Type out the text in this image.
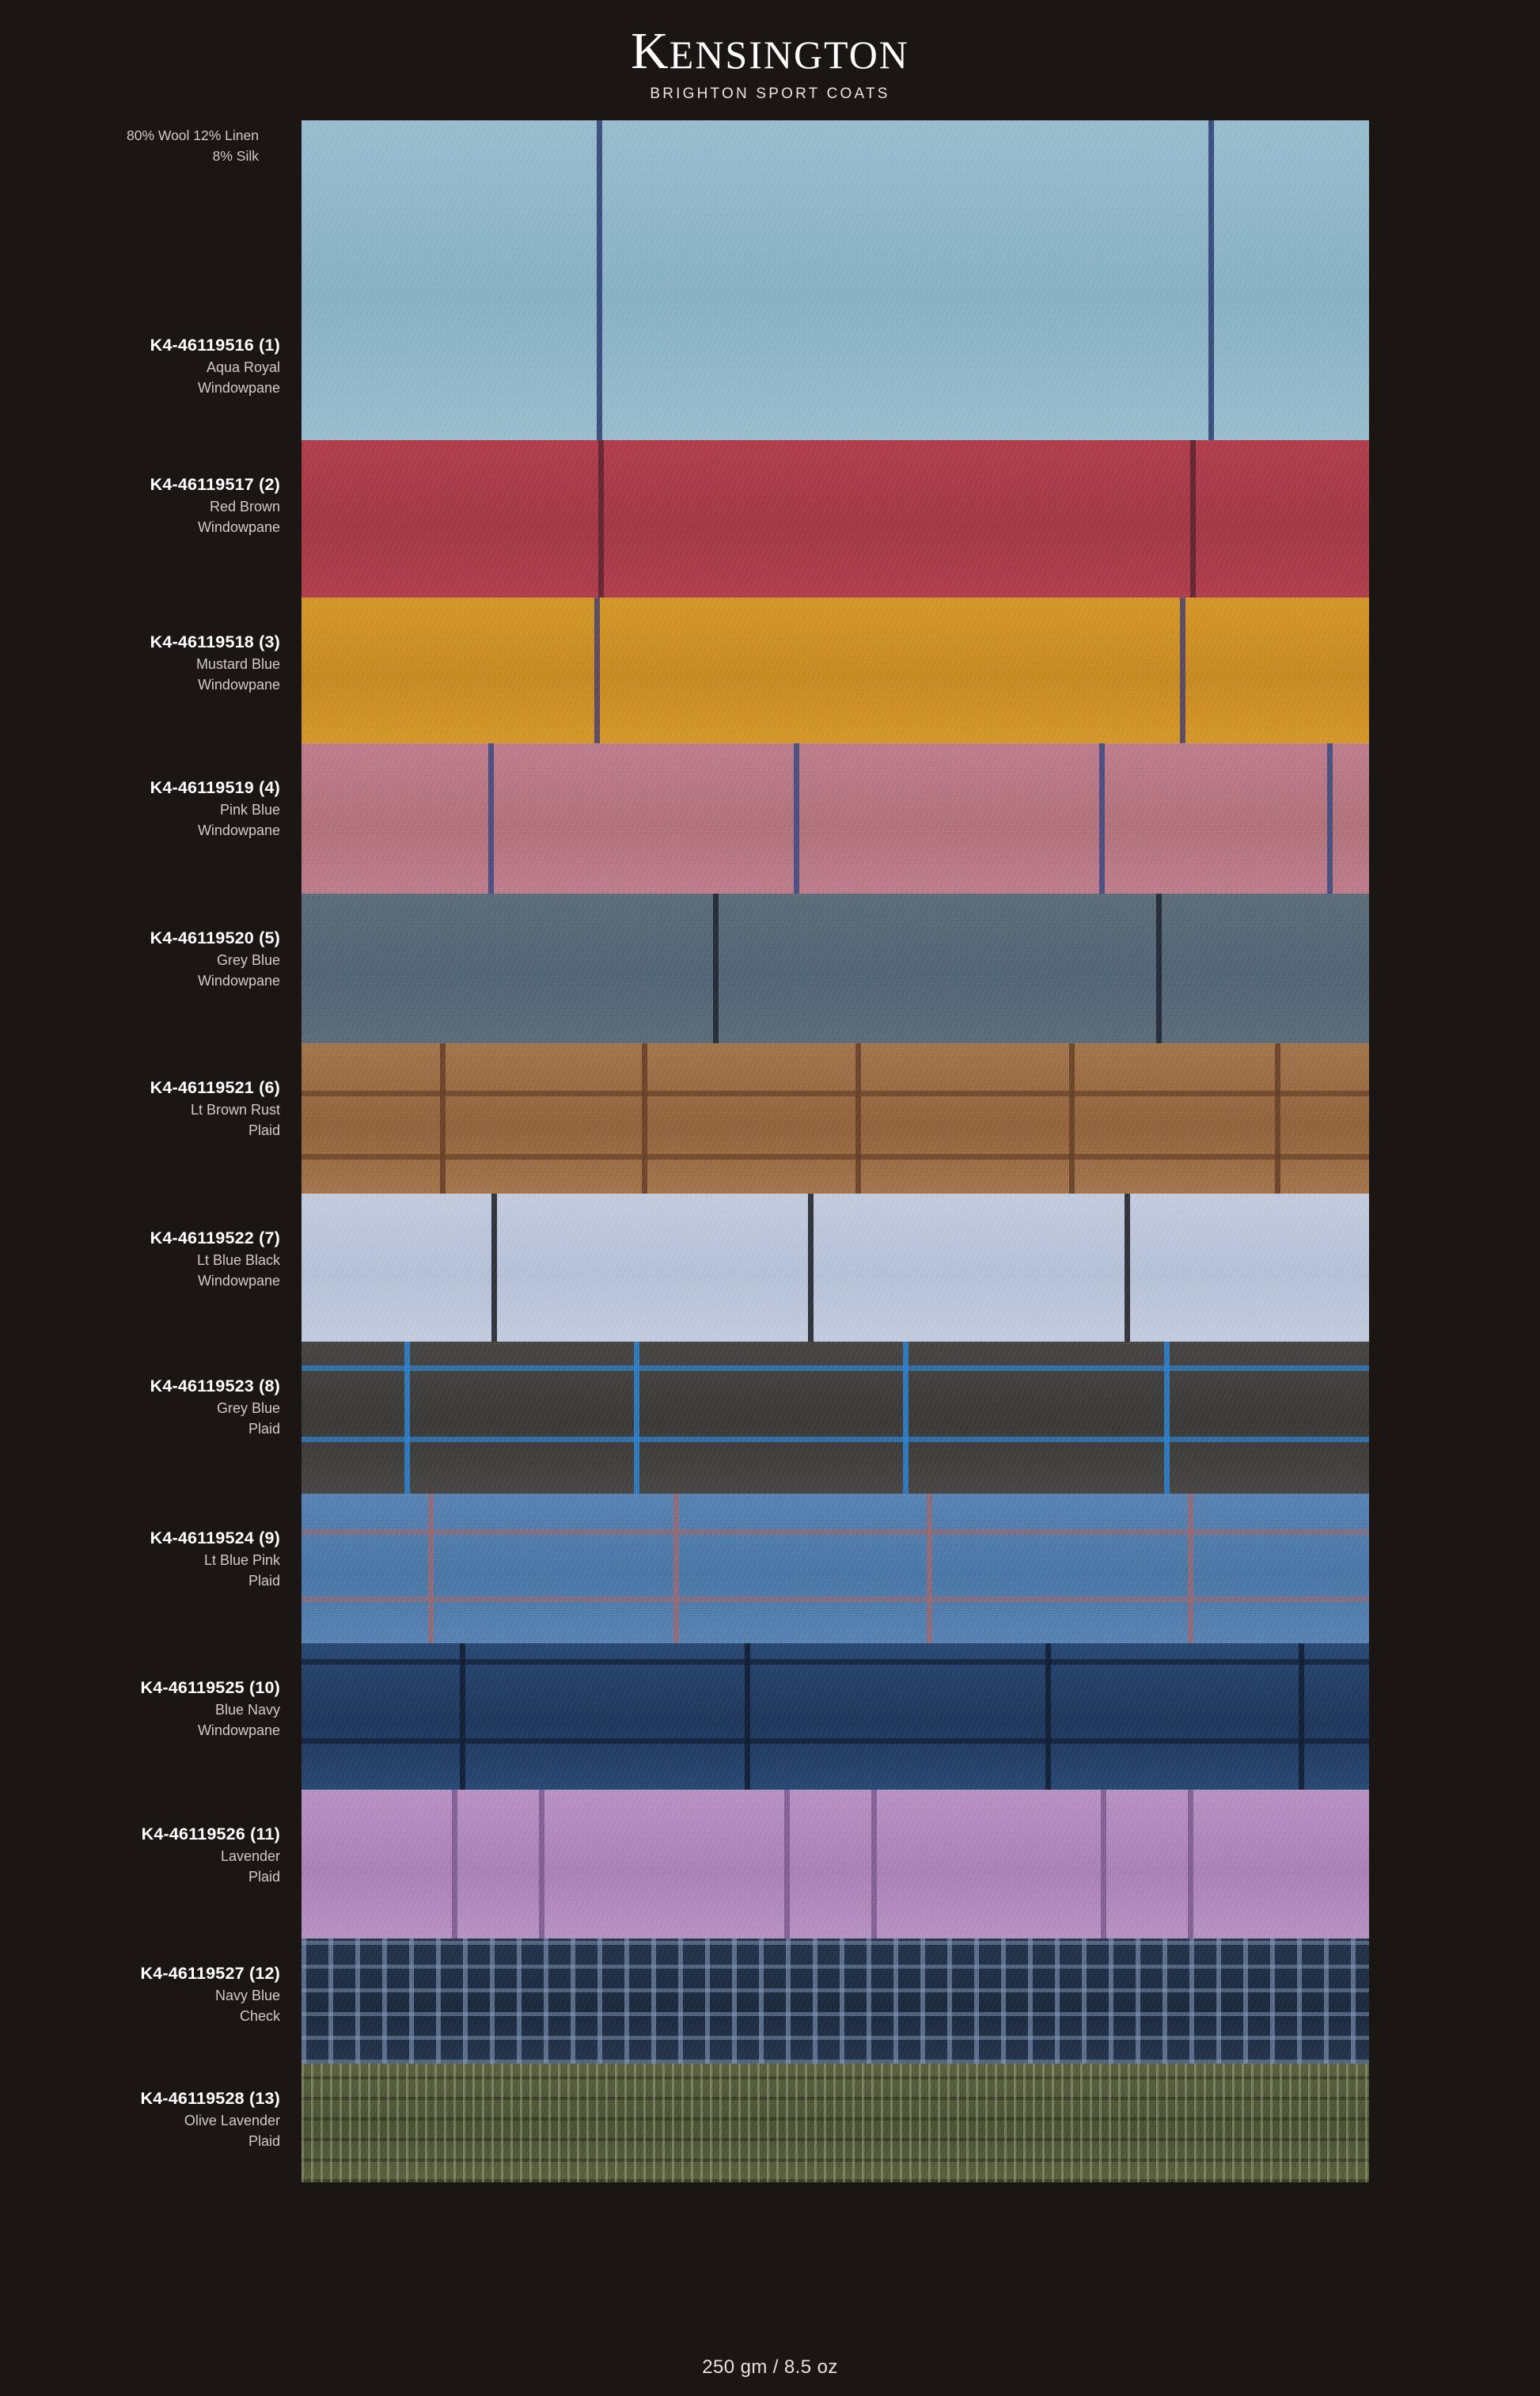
KENSINGTON

BRIGHTON SPORT COATS

80% Wool 12% Linen
8% Silk
K4-46119516 (1)
Aqua Royal
Windowpane
K4-46119517 (2)
Red Brown
Windowpane
K4-46119518 (3)
Mustard Blue
Windowpane
K4-46119519 (4)
Pink Blue
Windowpane
K4-46119520 (5)
Grey Blue
Windowpane
K4-46119521 (6)
Lt Brown Rust
Plaid
K4-46119522 (7)
Lt Blue Black
Windowpane
K4-46119523 (8)
Grey Blue
Plaid
K4-46119524 (9)
Lt Blue Pink
Plaid
K4-46119525 (10)
Blue Navy
Windowpane
K4-46119526 (11)
Lavender
Plaid
K4-46119527 (12)
Navy Blue
Check
K4-46119528 (13)
Olive Lavender
Plaid
250 gm / 8.5 oz
